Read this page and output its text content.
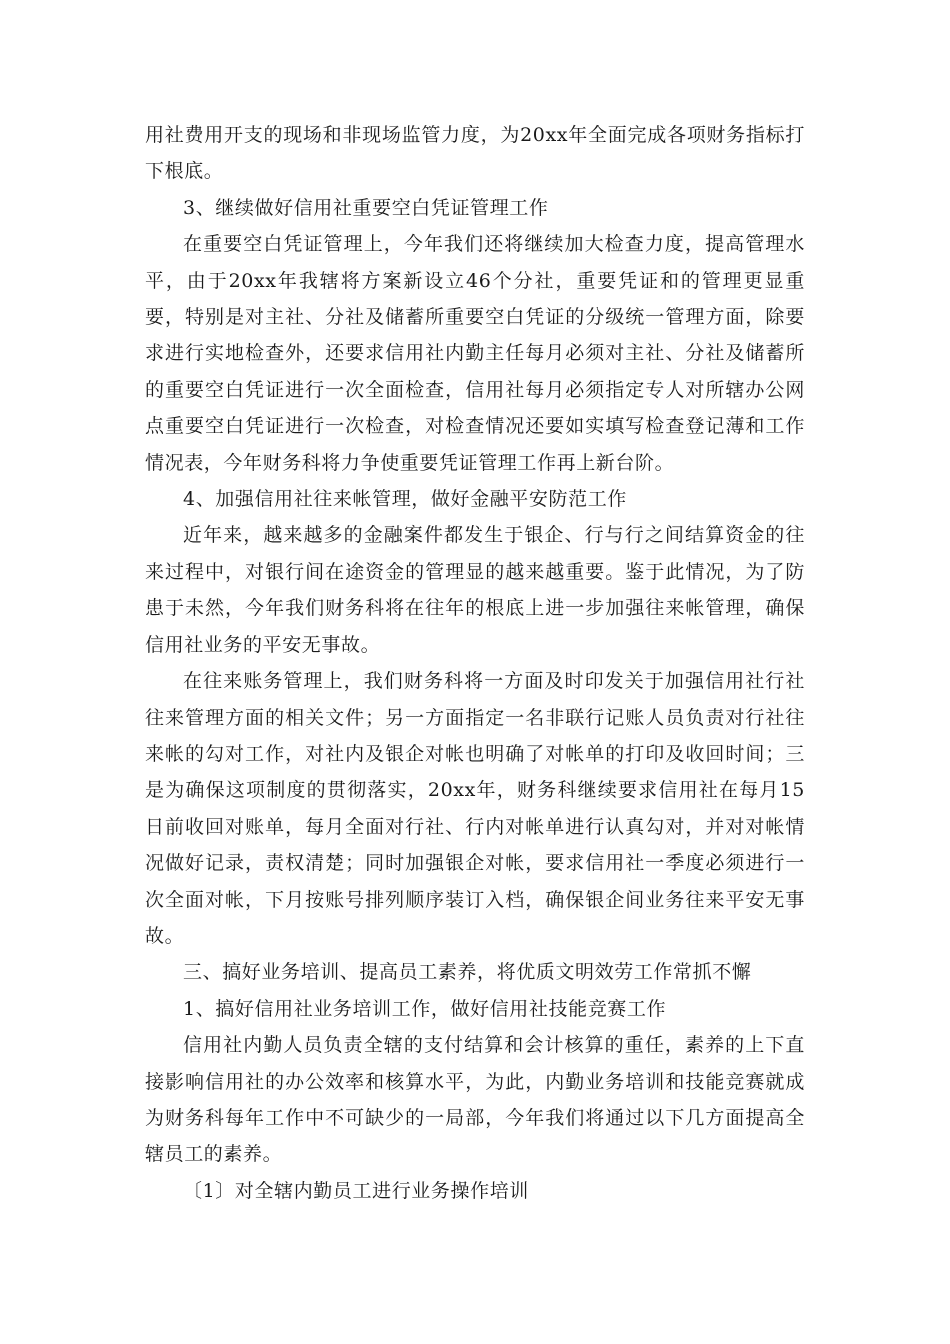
用社费用开支的现场和非现场监管力度，为20xx年全面完成各项财务指标打下根底。

3、继续做好信用社重要空白凭证管理工作

在重要空白凭证管理上，今年我们还将继续加大检查力度，提高管理水平，由于20xx年我辖将方案新设立46个分社，重要凭证和的管理更显重要，特别是对主社、分社及储蓄所重要空白凭证的分级统一管理方面，除要求进行实地检查外，还要求信用社内勤主任每月必须对主社、分社及储蓄所的重要空白凭证进行一次全面检查，信用社每月必须指定专人对所辖办公网点重要空白凭证进行一次检查，对检查情况还要如实填写检查登记薄和工作情况表，今年财务科将力争使重要凭证管理工作再上新台阶。

4、加强信用社往来帐管理，做好金融平安防范工作

近年来，越来越多的金融案件都发生于银企、行与行之间结算资金的往来过程中，对银行间在途资金的管理显的越来越重要。鉴于此情况，为了防患于未然，今年我们财务科将在往年的根底上进一步加强往来帐管理，确保信用社业务的平安无事故。

在往来账务管理上，我们财务科将一方面及时印发关于加强信用社行社往来管理方面的相关文件；另一方面指定一名非联行记账人员负责对行社往来帐的勾对工作，对社内及银企对帐也明确了对帐单的打印及收回时间；三是为确保这项制度的贯彻落实，20xx年，财务科继续要求信用社在每月15日前收回对账单，每月全面对行社、行内对帐单进行认真勾对，并对对帐情况做好记录，责权清楚；同时加强银企对帐，要求信用社一季度必须进行一次全面对帐，下月按账号排列顺序装订入档，确保银企间业务往来平安无事故。

三、搞好业务培训、提高员工素养，将优质文明效劳工作常抓不懈

1、搞好信用社业务培训工作，做好信用社技能竞赛工作

信用社内勤人员负责全辖的支付结算和会计核算的重任，素养的上下直接影响信用社的办公效率和核算水平，为此，内勤业务培训和技能竞赛就成为财务科每年工作中不可缺少的一局部，今年我们将通过以下几方面提高全辖员工的素养。

〔1〕对全辖内勤员工进行业务操作培训
